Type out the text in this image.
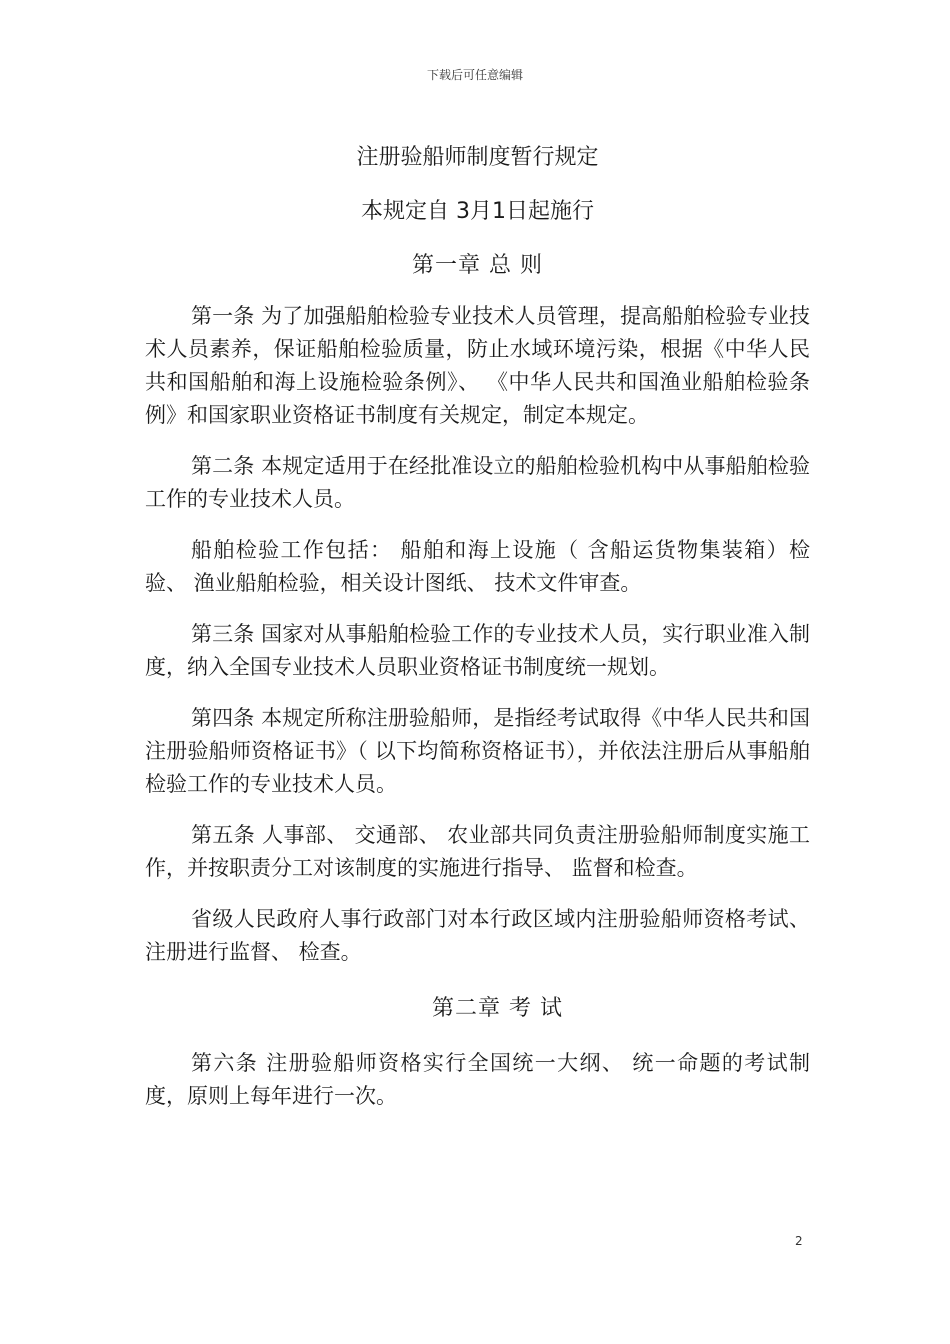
下载后可任意编辑
注册验船师制度暂行规定
本规定自 3月1日起施行
第一章 总 则

第一条 为了加强船舶检验专业技术人员管理，提高船舶检验专业技术人员素养，保证船舶检验质量，防止水域环境污染，根据《中华人民共和国船舶和海上设施检验条例》、 《中华人民共和国渔业船舶检验条例》和国家职业资格证书制度有关规定，制定本规定。

第二条 本规定适用于在经批准设立的船舶检验机构中从事船舶检验工作的专业技术人员。

船舶检验工作包括： 船舶和海上设施（ 含船运货物集装箱）检验、 渔业船舶检验，相关设计图纸、 技术文件审查。

第三条 国家对从事船舶检验工作的专业技术人员，实行职业准入制度，纳入全国专业技术人员职业资格证书制度统一规划。

第四条 本规定所称注册验船师，是指经考试取得《中华人民共和国注册验船师资格证书》（ 以下均简称资格证书），并依法注册后从事船舶检验工作的专业技术人员。

第五条 人事部、 交通部、 农业部共同负责注册验船师制度实施工作，并按职责分工对该制度的实施进行指导、 监督和检查。

省级人民政府人事行政部门对本行政区域内注册验船师资格考试、 注册进行监督、 检查。

第二章 考 试

第六条 注册验船师资格实行全国统一大纲、 统一命题的考试制度，原则上每年进行一次。

2
